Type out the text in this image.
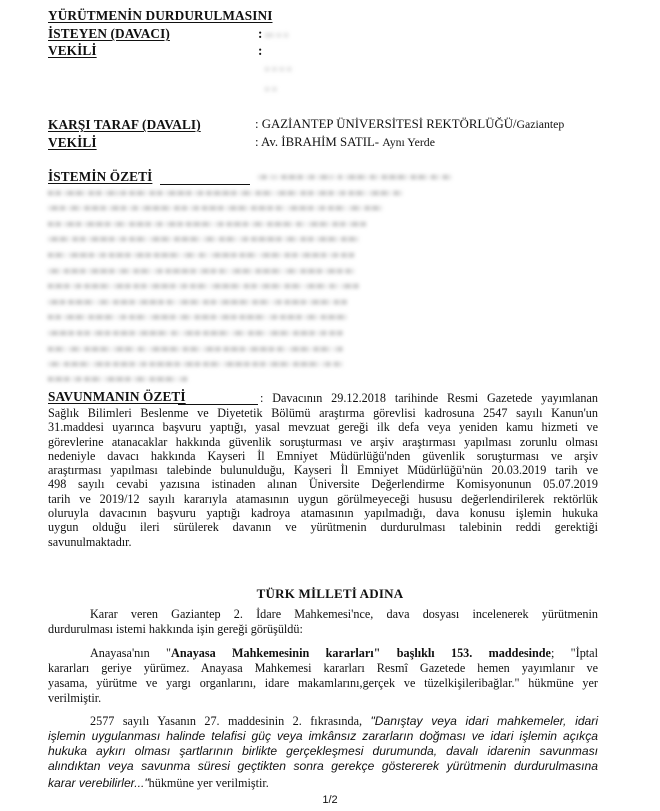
YÜRÜTMENİN DURDURULMASINI
İSTEYEN (DAVACI)	:
VEKİLİ	:
▫▫ ▫ ▫
▫ ▫ ▫ ▫
▫ ▫
KARŞI TARAF (DAVALI)	: GAZİANTEP ÜNİVERSİTESİ REKTÖRLÜĞÜ/Gaziantep
VEKİLİ	: Av. İBRAHİM SATIL- Aynı Yerde
İSTEMİN ÖZETİ	▫▪ ▫▫ ▪▫▪▫▪ ▫▪ ▫▪▫▫ ▪ ▫▪▫▪▫ ▪▫ ▪▫▪▫▪▫ ▪▫▪▫ ▪▫ ▪▫
▪▫▪ ▫▪▫▪▫ ▪▫▪ ▫▪▫▫▪ ▪▫▪▫ ▪▫▪ ▫▪▫▪▫▪ ▫▪ ▪▫▪▫▪▫▪ ▫▪▫ ▪▫▪▫ ▫▪▫▪▫ ▪▫▪ ▫▪▫▪ ▫▪ ▪▫▪▫ ▫▪▫▪▫ ▪▫
▫▪▫▪ ▫▪▫ ▪▫▪▫▪ ▫▪▫▪ ▫▪ ▫▪▫▪▫▪▫ ▪▫▪ ▫▪ ▪▫▪▫▪ ▫▪▫▪▫ ▪▫▪▫▪ ▪▫ ▫▪▫▪▫▪ ▫▪ ▪▫▪▫ ▫▪▫ ▪▫▪▫
▪▫▪ ▫▪▫▪ ▫▪▫▪▫▪ ▫▪▫ ▪▫▪▫▪ ▫▪ ▫▪▫▪ ▪▫▪▫▪▫ ▫▪ ▪▫▪▫▪ ▫▪▫ ▪▫▪▫▪▫ ▪▫ ▫▪▫▪▫ ▪▫▪ ▫▪▫▪
▫▪▫▪▫ ▪▫▪ ▫▪▫▪▫▪ ▫▪ ▪▫▪▫ ▫▪▫▪▫ ▪▫▪▫▪▫ ▫▪▫ ▪▫▪▫ ▫▪ ▪▫▪▫▪▫▪ ▫▪▫ ▪▫▪ ▫▪▫▪▫ ▪▫▪▫
▪▫▪▫ ▫▪▫▪▫▪ ▫▪ ▪▫▪▫▪ ▫▪▫▪ ▪▫▪▫▪▫ ▫▪▫ ▪▫ ▫▪▫▪▫▪ ▪▫▪▫ ▫▪▫▪▫ ▪▫▪ ▫▪▫▪▫▪ ▫▪ ▪▫▪
▫▪▫ ▪▫▪▫▪ ▫▪▫▪▫▪ ▫▪▫ ▪▫▪▫ ▫▪ ▪▫▪▫▪▫▪ ▫▪▫▪ ▪▫ ▫▪▫▪▫ ▪▫▪▫▪▫ ▫▪▫ ▪▫▪▫▪ ▫▪▫▪ ▪▫
▪▫▪▫▪ ▫▪ ▪▫▪▫▪▫ ▫▪▫▪ ▪▫▪ ▫▪▫▪▫▪ ▫▪ ▪▫▪▫ ▫▪▫▪▫▪▫ ▪▫▪ ▫▪▫▪▫ ▪▫▪▫ ▫▪▫▪▫ ▪▫ ▫▪▫▪
▫▪▫▪ ▪▫▪▫▪▫ ▫▪▫ ▪▫▪▫▪ ▫▪▫▪▫▪ ▪▫ ▫▪▫▪▫ ▪▫▪ ▫▪▫▪▫▪▫ ▪▫▪▫ ▫▪ ▪▫▪▫▪ ▫▪▫▪▫ ▪▫▪
▪▫▪ ▫▪▫▪▫ ▪▫▪▫▪▫ ▫▪ ▪▫▪▫ ▫▪▫▪▫▪ ▫▪▫ ▪▫▪▫▪ ▫▪▫▪ ▪▫▪▫▪▫ ▫▪ ▪▫▪▫▪ ▫▪▫ ▪▫▪▫▪▫
▫▪▫▪▫▪ ▪▫▪ ▫▪▫▪ ▪▫▪▫▪ ▫▪▫▪▫▪▫ ▪▫ ▫▪▫▪ ▪▫▪▫▪▫ ▫▪▫ ▪▫▪▫ ▫▪▫▪▫ ▪▫▪▫▪ ▫▪ ▪▫▪
▪▫▪▫ ▫▪▫ ▪▫▪▫▪▫ ▫▪▫▪▫ ▪▫ ▫▪▫▪▫▪▫ ▪▫▪▫ ▫▪▫▪ ▪▫▪▫▪ ▫▪▫▪▫▪ ▪▫ ▫▪▫▪▫ ▪▫▪▫ ▫▪
▫▪▫ ▪▫▪▫▪▫ ▫▪▫▪ ▪▫▪▫▪ ▫▪ ▪▫▪▫▪▫▪ ▫▪▫▪ ▪▫▪▫ ▫▪▫▪▫▪ ▪▫▪ ▫▪▫▪▫ ▪▫▪▫▪▫ ▫▪ ▪▫
▪▫▪▫▪ ▫▪ ▪▫▪▫ ▫▪▫▪▫▪ ▫▪▫ ▪▫▪▫▪▫ ▫▪
SAVUNMANIN ÖZETİ	: Davacının 29.12.2018 tarihinde Resmi Gazetede yayımlanan
Sağlık Bilimleri Beslenme ve Diyetetik Bölümü araştırma görevlisi kadrosuna 2547 sayılı Kanun'un
31.maddesi uyarınca başvuru yaptığı, yasal mevzuat gereği ilk defa veya yeniden kamu hizmeti ve
görevlerine atanacaklar hakkında güvenlik soruşturması ve arşiv araştırması yapılması zorunlu olması
nedeniyle davacı hakkında Kayseri İl Emniyet Müdürlüğü'nden güvenlik soruşturması ve arşiv
araştırması yapılması talebinde bulunulduğu, Kayseri İl Emniyet Müdürlüğü'nün 20.03.2019 tarih ve
498 sayılı cevabi yazısına istinaden alınan Üniversite Değerlendirme Komisyonunun 05.07.2019
tarih ve 2019/12 sayılı kararıyla atamasının uygun görülmeyeceği hususu değerlendirilerek rektörlük
oluruyla davacının başvuru yaptığı kadroya atamasının yapılmadığı, dava konusu işlemin hukuka
uygun olduğu ileri sürülerek davanın ve yürütmenin durdurulması talebinin reddi gerektiği
savunulmaktadır.
TÜRK MİLLETİ ADINA
Karar veren Gaziantep 2. İdare Mahkemesi'nce, dava dosyası incelenerek yürütmenin
durdurulması istemi hakkında işin gereği görüşüldü:
Anayasa'nın "Anayasa Mahkemesinin kararları" başlıklı 153. maddesinde; "İptal
kararları geriye yürümez. Anayasa Mahkemesi kararları Resmî Gazetede hemen yayımlanır ve
yasama, yürütme ve yargı organlarını, idare makamlarını,gerçek ve tüzelkişileribağlar." hükmüne yer
verilmiştir.
2577 sayılı Yasanın 27. maddesinin 2. fıkrasında, "Danıştay veya idari mahkemeler, idari
işlemin uygulanması halinde telafisi güç veya imkânsız zararların doğması ve idari işlemin açıkça
hukuka aykırı olması şartlarının birlikte gerçekleşmesi durumunda, davalı idarenin savunması
alındıktan veya savunma süresi geçtikten sonra gerekçe göstererek yürütmenin durdurulmasına
karar verebilirler..."hükmüne yer verilmiştir.
1/2
